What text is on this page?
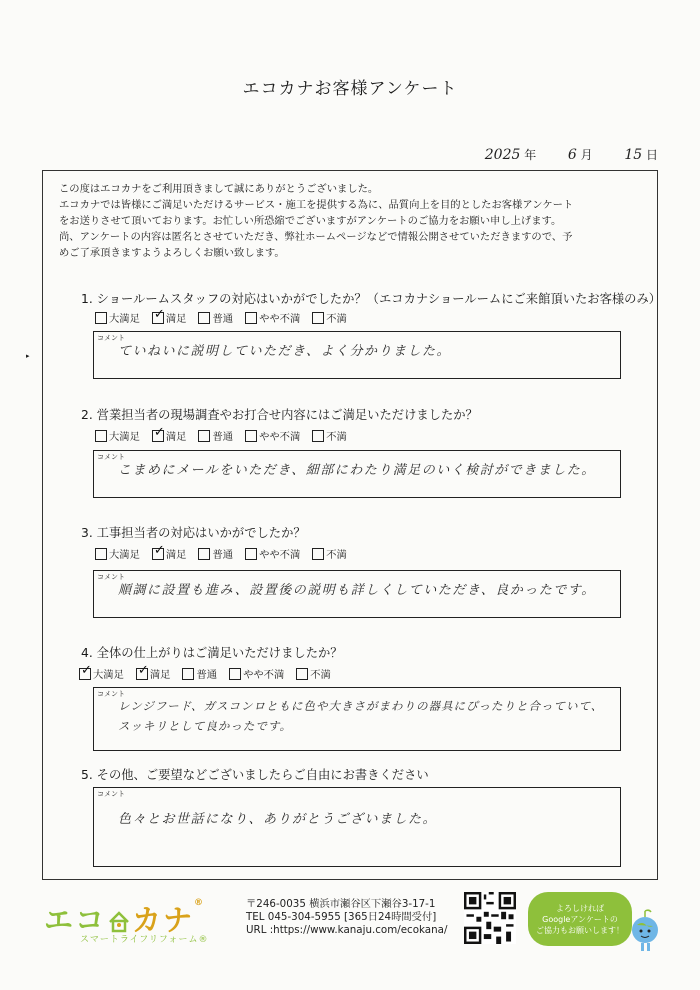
エコカナお客様アンケート
2025 年 6 月 15 日
▸
この度はエコカナをご利用頂きまして誠にありがとうございました。
エコカナでは皆様にご満足いただけるサービス・施工を提供する為に、品質向上を目的としたお客様アンケート
をお送りさせて頂いております。お忙しい所恐縮でございますがアンケートのご協力をお願い申し上げます。
尚、アンケートの内容は匿名とさせていただき、弊社ホームページなどで情報公開させていただきますので、予
めご了承頂きますようよろしくお願い致します。
1. ショールームスタッフの対応はいかがでしたか？（エコカナショールームにご来館頂いたお客様のみ）
大満足 ✓	満足	普通	やや不満	不満
コメント
ていねいに説明していただき、よく分かりました。
2. 営業担当者の現場調査やお打合せ内容にはご満足いただけましたか？
大満足 ✓	満足	普通	やや不満	不満
コメント
こまめにメールをいただき、細部にわたり満足のいく検討ができました。
3. 工事担当者の対応はいかがでしたか？
大満足 ✓	満足	普通	やや不満	不満
コメント
順調に設置も進み、設置後の説明も詳しくしていただき、良かったです。
4. 全体の仕上がりはご満足いただけましたか？
✓
大満足 ✓	満足	普通	やや不満	不満
コメント
レンジフード、ガスコンロともに色や大きさがまわりの器具にぴったりと合っていて、
スッキリとして良かったです。
5. その他、ご要望などございましたらご自由にお書きください
コメント
色々とお世話になり、ありがとうございました。
エコ カナ®
スマートライフリフォーム®
〒246-0035 横浜市瀬谷区下瀬谷3-17-1
TEL 045-304-5955 [365日24時間受付]
URL :https://www.kanaju.com/ecokana/
よろしければ
Googleアンケートの
ご協力もお願いします！
